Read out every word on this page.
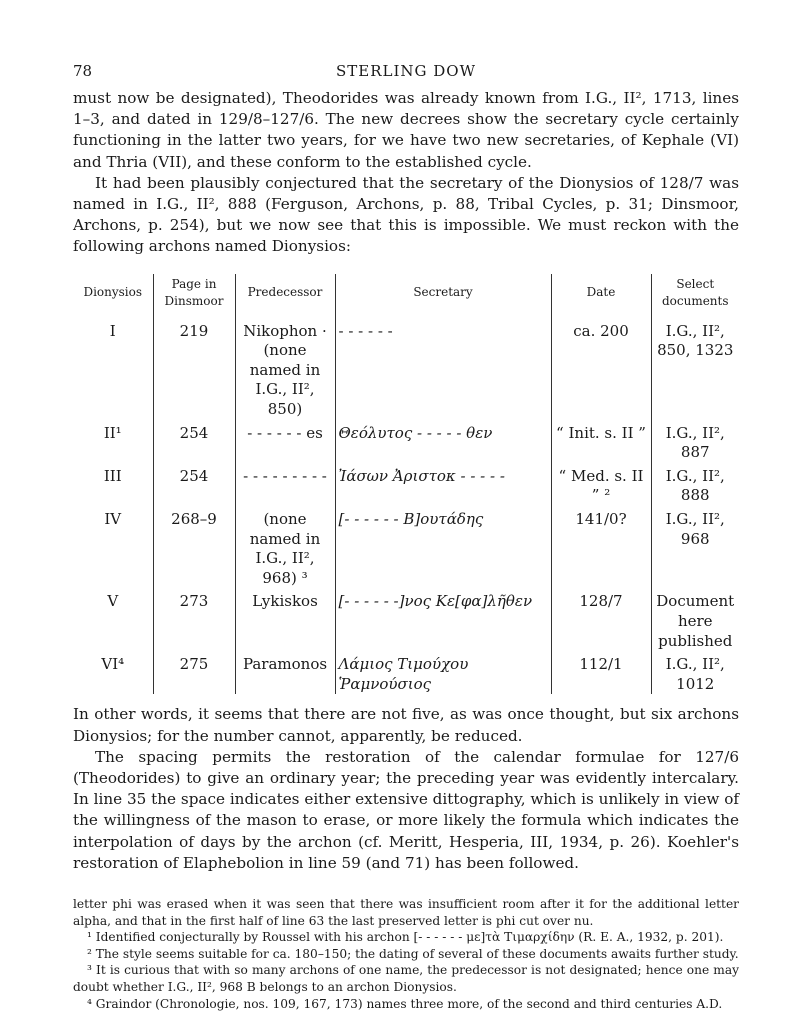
78	STERLING DOW

must now be designated), Theodorides was already known from I.G., II², 1713, lines 1–3, and dated in 129/8–127/6. The new decrees show the secretary cycle certainly functioning in the latter two years, for we have two new secretaries, of Kephale (VI) and Thria (VII), and these conform to the established cycle.

It had been plausibly conjectured that the secretary of the Dionysios of 128/7 was named in I.G., II², 888 (Ferguson, Archons, p. 88, Tribal Cycles, p. 31; Dinsmoor, Archons, p. 254), but we now see that this is impossible. We must reckon with the following archons named Dionysios:

Dionysios	Page in Dinsmoor	Predecessor	Secretary	Date	Select documents
I	219	Nikophon · (none named in I.G., II², 850)	- - - - - -	ca. 200	I.G., II², 850, 1323
II¹	254	- - - - - - es	Θεόλυτος - - - - - θεν	“ Init. s. II ”	I.G., II², 887
III	254	- - - - - - - - -	Ἰάσων Ἀριστοκ - - - - -	“ Med. s. II ” ²	I.G., II², 888
IV	268–9	(none named in I.G., II², 968) ³	[- - - - - - Β]ουτάδης	141/0?	I.G., II², 968
V	273	Lykiskos	[- - - - - -]νος Κε[φα]λῆθεν	128/7	Document here published
VI⁴	275	Paramonos	Λάμιος Τιμούχου Ῥαμνούσιος	112/1	I.G., II², 1012

In other words, it seems that there are not five, as was once thought, but six archons Dionysios; for the number cannot, apparently, be reduced.

The spacing permits the restoration of the calendar formulae for 127/6 (Theodorides) to give an ordinary year; the preceding year was evidently intercalary. In line 35 the space indicates either extensive dittography, which is unlikely in view of the willingness of the mason to erase, or more likely the formula which indicates the interpolation of days by the archon (cf. Meritt, Hesperia, III, 1934, p. 26). Koehler's restoration of Elaphebolion in line 59 (and 71) has been followed.

letter phi was erased when it was seen that there was insufficient room after it for the additional letter alpha, and that in the first half of line 63 the last preserved letter is phi cut over nu.
¹ Identified conjecturally by Roussel with his archon [- - - - - - με]τὰ Τιμαρχίδην (R. E. A., 1932, p. 201).
² The style seems suitable for ca. 180–150; the dating of several of these documents awaits further study.
³ It is curious that with so many archons of one name, the predecessor is not designated; hence one may doubt whether I.G., II², 968 B belongs to an archon Dionysios.
⁴ Graindor (Chronologie, nos. 109, 167, 173) names three more, of the second and third centuries A.D.
